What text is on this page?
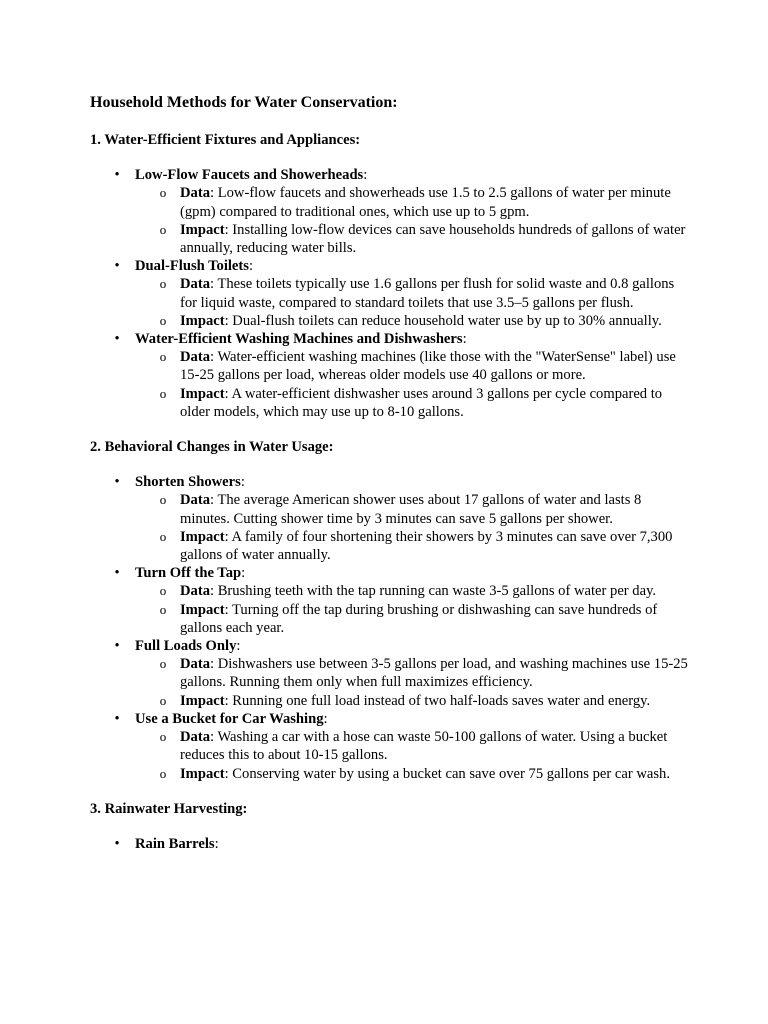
Household Methods for Water Conservation:
1. Water-Efficient Fixtures and Appliances:
• Low-Flow Faucets and Showerheads:
o Data: Low-flow faucets and showerheads use 1.5 to 2.5 gallons of water per minute (gpm) compared to traditional ones, which use up to 5 gpm.
o Impact: Installing low-flow devices can save households hundreds of gallons of water annually, reducing water bills.
• Dual-Flush Toilets:
o Data: These toilets typically use 1.6 gallons per flush for solid waste and 0.8 gallons for liquid waste, compared to standard toilets that use 3.5–5 gallons per flush.
o Impact: Dual-flush toilets can reduce household water use by up to 30% annually.
• Water-Efficient Washing Machines and Dishwashers:
o Data: Water-efficient washing machines (like those with the "WaterSense" label) use 15-25 gallons per load, whereas older models use 40 gallons or more.
o Impact: A water-efficient dishwasher uses around 3 gallons per cycle compared to older models, which may use up to 8-10 gallons.
2. Behavioral Changes in Water Usage:
• Shorten Showers:
o Data: The average American shower uses about 17 gallons of water and lasts 8 minutes. Cutting shower time by 3 minutes can save 5 gallons per shower.
o Impact: A family of four shortening their showers by 3 minutes can save over 7,300 gallons of water annually.
• Turn Off the Tap:
o Data: Brushing teeth with the tap running can waste 3-5 gallons of water per day.
o Impact: Turning off the tap during brushing or dishwashing can save hundreds of gallons each year.
• Full Loads Only:
o Data: Dishwashers use between 3-5 gallons per load, and washing machines use 15-25 gallons. Running them only when full maximizes efficiency.
o Impact: Running one full load instead of two half-loads saves water and energy.
• Use a Bucket for Car Washing:
o Data: Washing a car with a hose can waste 50-100 gallons of water. Using a bucket reduces this to about 10-15 gallons.
o Impact: Conserving water by using a bucket can save over 75 gallons per car wash.
3. Rainwater Harvesting:
• Rain Barrels:
